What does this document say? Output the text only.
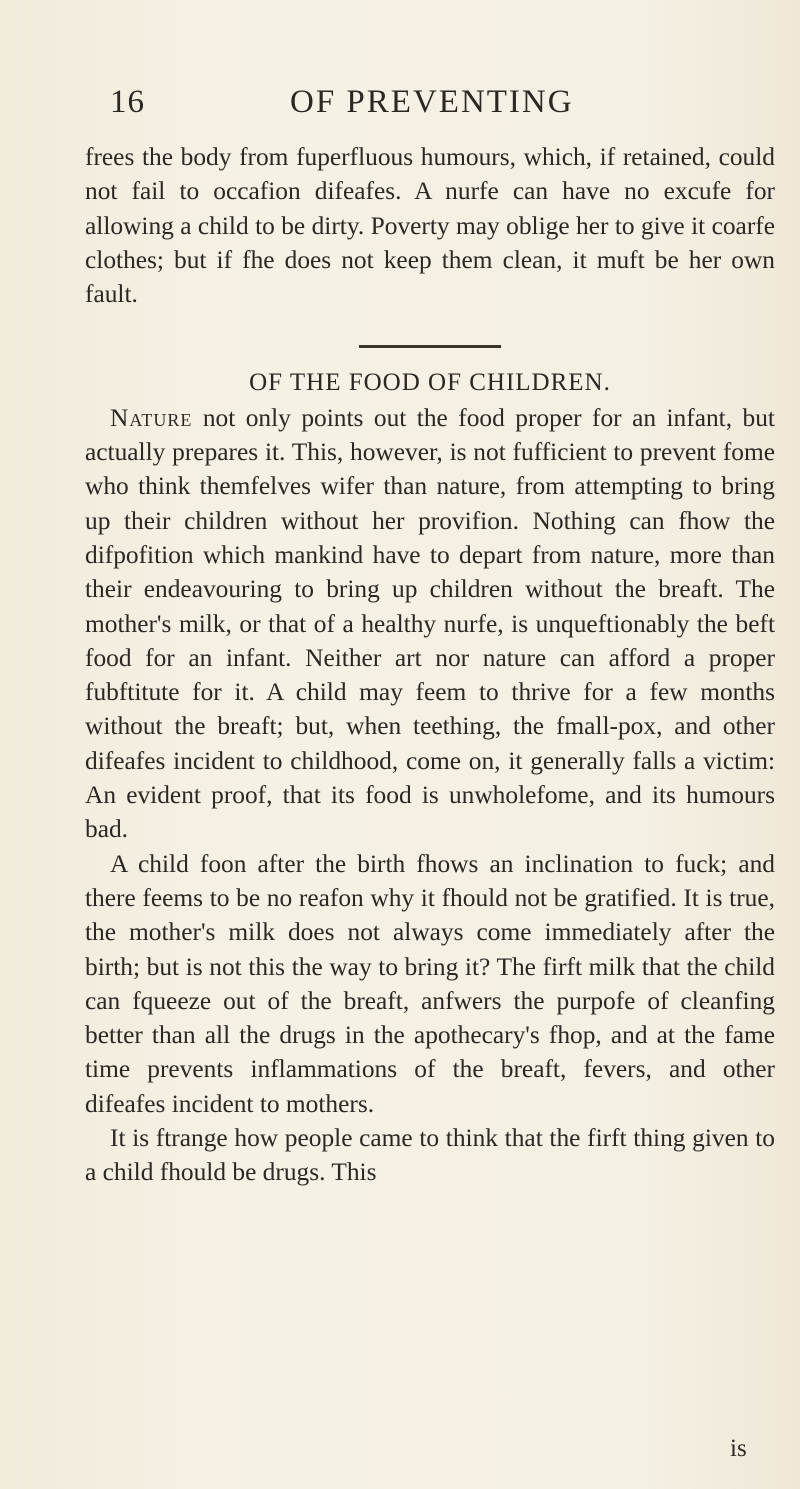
16	OF PREVENTING

frees the body from fuperfluous humours, which, if retained, could not fail to occafion difeafes. A nurfe can have no excufe for allowing a child to be dirty. Poverty may oblige her to give it coarfe clothes; but if fhe does not keep them clean, it muft be her own fault.

OF THE FOOD OF CHILDREN.

Nature not only points out the food proper for an infant, but actually prepares it. This, however, is not fufficient to prevent fome who think themfelves wifer than nature, from attempting to bring up their children without her provifion. Nothing can fhow the difpofition which mankind have to depart from nature, more than their endeavouring to bring up children without the breaft. The mother's milk, or that of a healthy nurfe, is unqueftionably the beft food for an infant. Neither art nor nature can afford a proper fubftitute for it. A child may feem to thrive for a few months without the breaft; but, when teething, the fmall-pox, and other difeafes incident to childhood, come on, it generally falls a victim: An evident proof, that its food is unwholefome, and its humours bad.

A child foon after the birth fhows an inclination to fuck; and there feems to be no reafon why it fhould not be gratified. It is true, the mother's milk does not always come immediately after the birth; but is not this the way to bring it? The firft milk that the child can fqueeze out of the breaft, anfwers the purpofe of cleanfing better than all the drugs in the apothecary's fhop, and at the fame time prevents inflammations of the breaft, fevers, and other difeafes incident to mothers.

It is ftrange how people came to think that the firft thing given to a child fhould be drugs. This

is
